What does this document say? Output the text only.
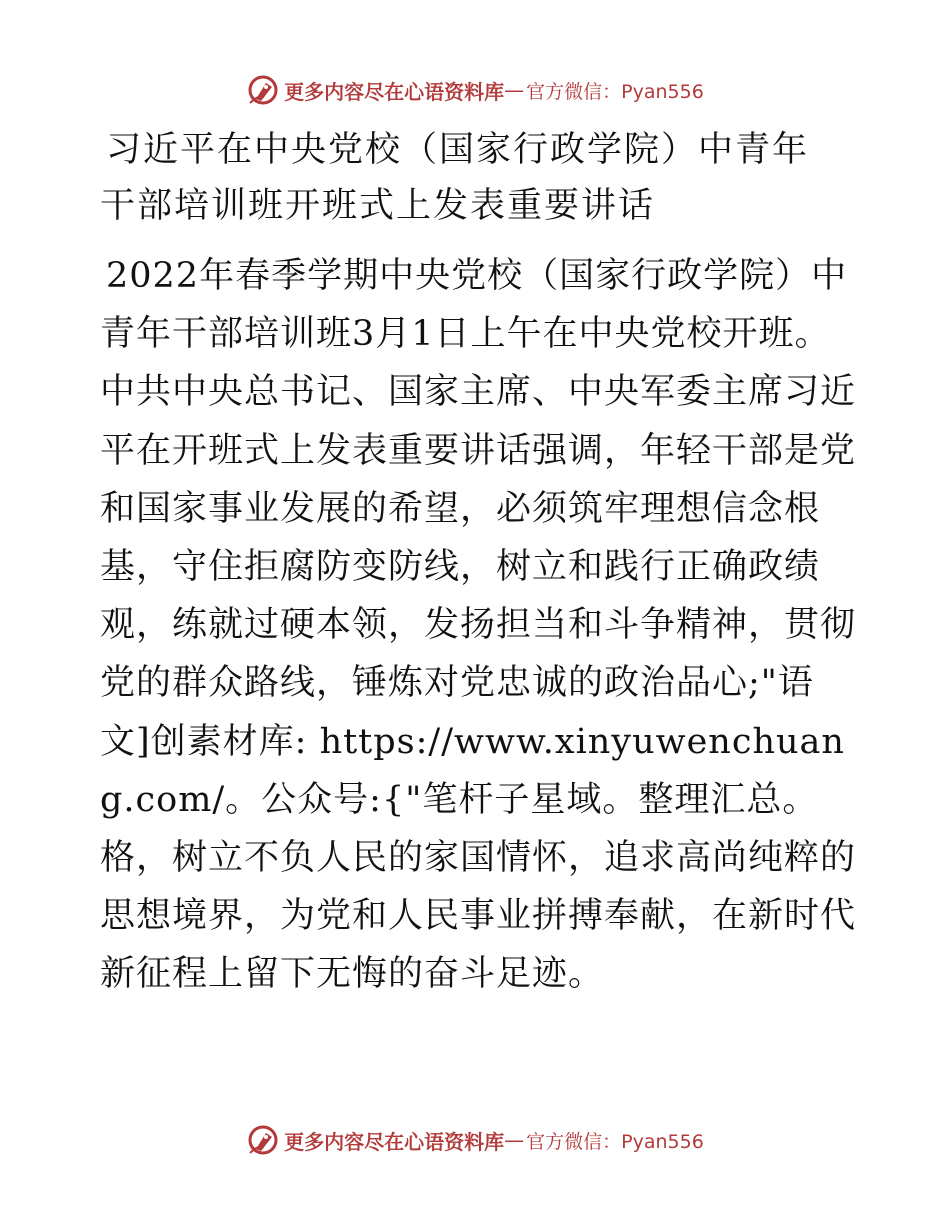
更多内容尽在心语资料库 — 官方微信：Pyan556
习近平在中央党校（国家行政学院）中青年干部培训班开班式上发表重要讲话

2022年春季学期中央党校（国家行政学院）中青年干部培训班3月1日上午在中央党校开班。中共中央总书记、国家主席、中央军委主席习近平在开班式上发表重要讲话强调，年轻干部是党和国家事业发展的希望，必须筑牢理想信念根基，守住拒腐防变防线，树立和践行正确政绩观，练就过硬本领，发扬担当和斗争精神，贯彻党的群众路线，锤炼对党忠诚的政治品心;"语文]创素材库: https://www.xinyuwenchuang.com/。公众号:{"笔杆子星域。整理汇总。格，树立不负人民的家国情怀，追求高尚纯粹的思想境界，为党和人民事业拼搏奉献，在新时代新征程上留下无悔的奋斗足迹。

更多内容尽在心语资料库 — 官方微信：Pyan556
